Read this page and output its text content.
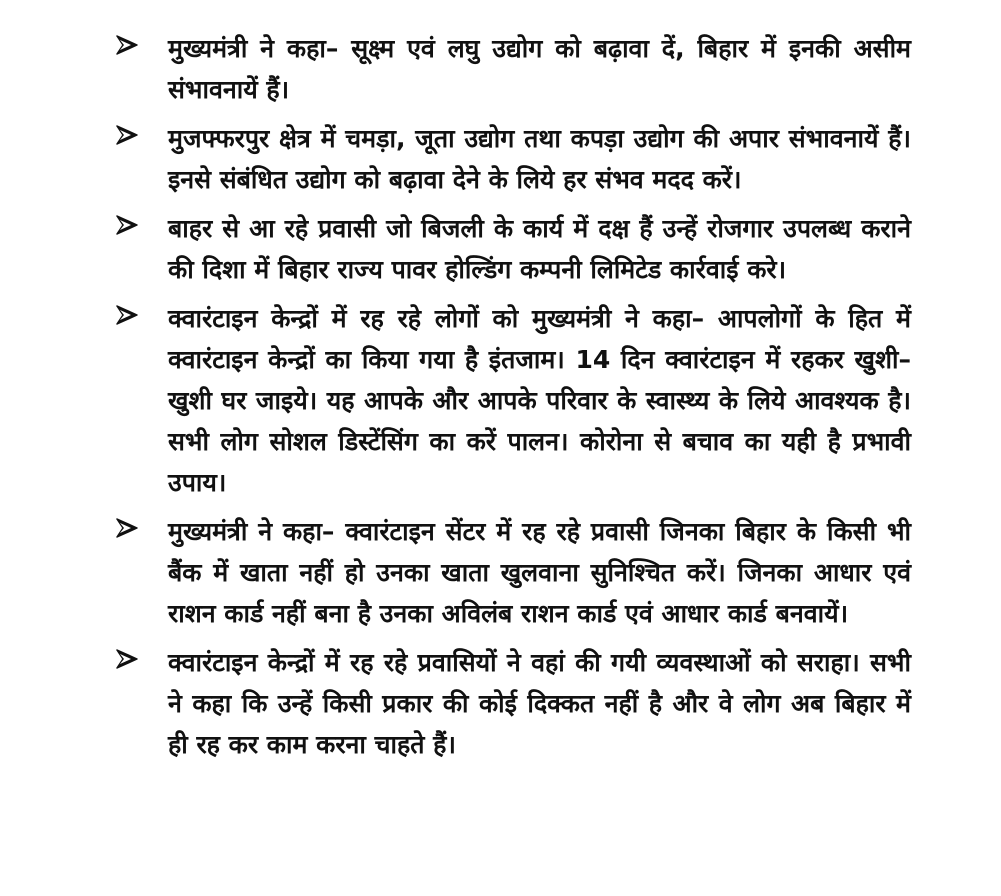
मुख्यमंत्री ने कहा– सूक्ष्म एवं लघु उद्योग को बढ़ावा दें, बिहार में इनकी असीम संभावनायें हैं।

मुजफ्फरपुर क्षेत्र में चमड़ा, जूता उद्योग तथा कपड़ा उद्योग की अपार संभावनायें हैं। इनसे संबंधित उद्योग को बढ़ावा देने के लिये हर संभव मदद करें।

बाहर से आ रहे प्रवासी जो बिजली के कार्य में दक्ष हैं उन्हें रोजगार उपलब्ध कराने की दिशा में बिहार राज्य पावर होल्डिंग कम्पनी लिमिटेड कार्रवाई करे।

क्वारंटाइन केन्द्रों में रह रहे लोगों को मुख्यमंत्री ने कहा– आपलोगों के हित में क्वारंटाइन केन्द्रों का किया गया है इंतजाम। 14 दिन क्वारंटाइन में रहकर खुशी–खुशी घर जाइये। यह आपके और आपके परिवार के स्वास्थ्य के लिये आवश्यक है। सभी लोग सोशल डिस्टेंसिंग का करें पालन। कोरोना से बचाव का यही है प्रभावी उपाय।

मुख्यमंत्री ने कहा– क्वारंटाइन सेंटर में रह रहे प्रवासी जिनका बिहार के किसी भी बैंक में खाता नहीं हो उनका खाता खुलवाना सुनिश्चित करें। जिनका आधार एवं राशन कार्ड नहीं बना है उनका अविलंब राशन कार्ड एवं आधार कार्ड बनवायें।

क्वारंटाइन केन्द्रों में रह रहे प्रवासियों ने वहां की गयी व्यवस्थाओं को सराहा। सभी ने कहा कि उन्हें किसी प्रकार की कोई दिक्कत नहीं है और वे लोग अब बिहार में ही रह कर काम करना चाहते हैं।
